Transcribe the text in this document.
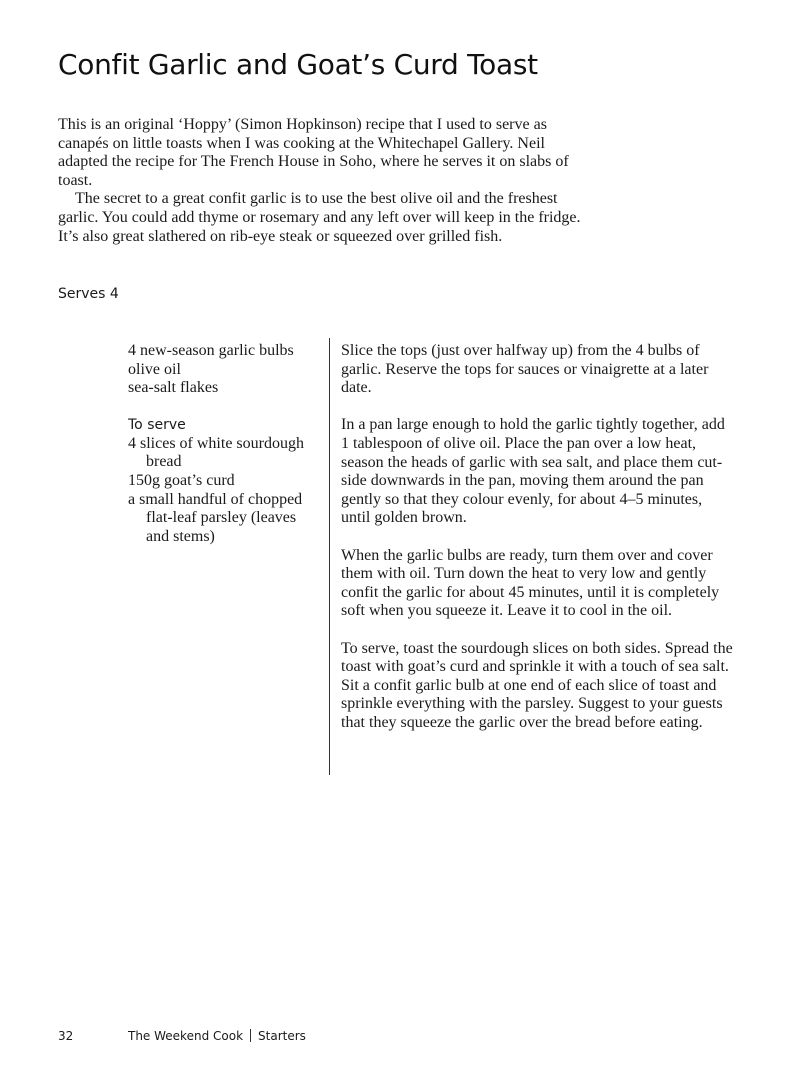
Confit Garlic and Goat’s Curd Toast

This is an original ‘Hoppy’ (Simon Hopkinson) recipe that I used to serve as canapés on little toasts when I was cooking at the Whitechapel Gallery. Neil adapted the recipe for The French House in Soho, where he serves it on slabs of toast.

The secret to a great confit garlic is to use the best olive oil and the freshest garlic. You could add thyme or rosemary and any left over will keep in the fridge. It’s also great slathered on rib-eye steak or squeezed over grilled fish.

Serves 4
4 new-season garlic bulbs
olive oil
sea-salt flakes
To serve
4 slices of white sourdough bread
150g goat’s curd
a small handful of chopped flat-leaf parsley (leaves and stems)

Slice the tops (just over halfway up) from the 4 bulbs of garlic. Reserve the tops for sauces or vinaigrette at a later date.

In a pan large enough to hold the garlic tightly together, add 1 tablespoon of olive oil. Place the pan over a low heat, season the heads of garlic with sea salt, and place them cut-side downwards in the pan, moving them around the pan gently so that they colour evenly, for about 4–5 minutes, until golden brown.

When the garlic bulbs are ready, turn them over and cover them with oil. Turn down the heat to very low and gently confit the garlic for about 45 minutes, until it is completely soft when you squeeze it. Leave it to cool in the oil.

To serve, toast the sourdough slices on both sides. Spread the toast with goat’s curd and sprinkle it with a touch of sea salt. Sit a confit garlic bulb at one end of each slice of toast and sprinkle everything with the parsley. Suggest to your guests that they squeeze the garlic over the bread before eating.

32	The Weekend Cook Starters
